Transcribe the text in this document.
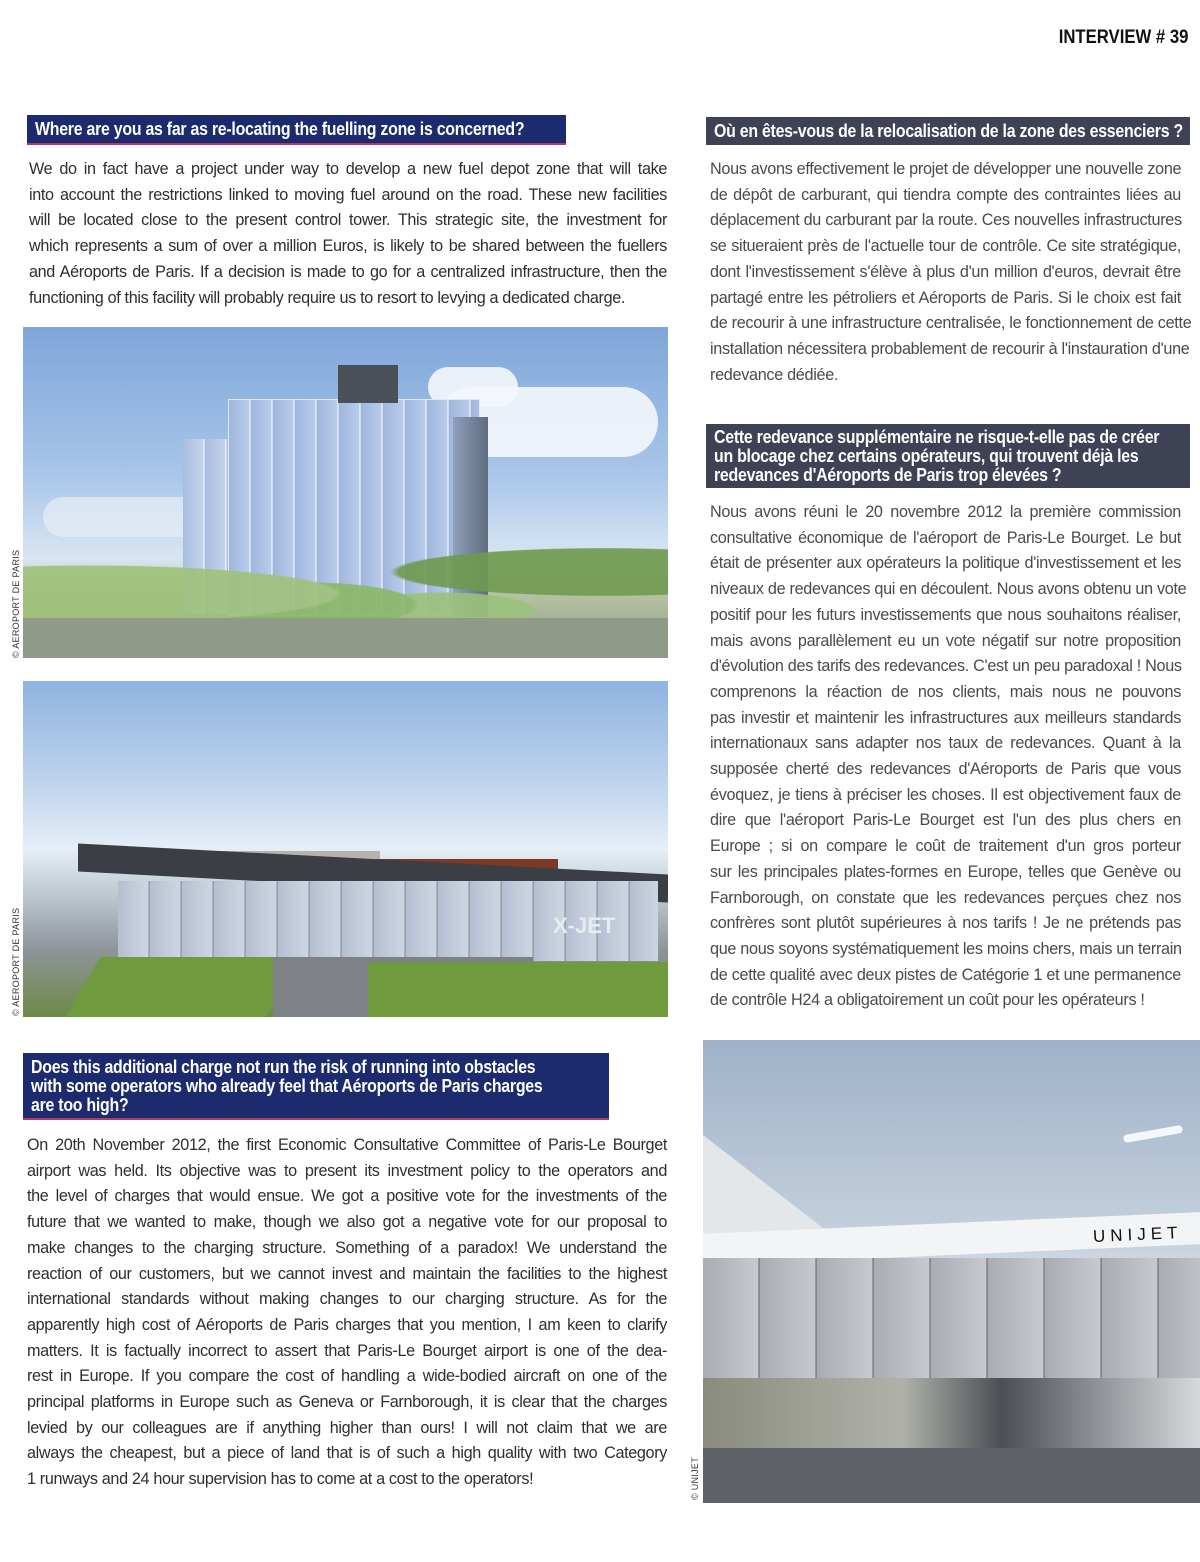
INTERVIEW # 39
Where are you as far as re-locating the fuelling zone is concerned?
We do in fact have a project under way to develop a new fuel depot zone that will take
into account the restrictions linked to moving fuel around on the road. These new facilities
will be located close to the present control tower. This strategic site, the investment for
which represents a sum of over a million Euros, is likely to be shared between the fuellers
and Aéroports de Paris. If a decision is made to go for a centralized infrastructure, then the
functioning of this facility will probably require us to resort to levying a dedicated charge.
Où en êtes-vous de la relocalisation de la zone des essenciers ?
Nous avons effectivement le projet de développer une nouvelle zone
de dépôt de carburant, qui tiendra compte des contraintes liées au
déplacement du carburant par la route. Ces nouvelles infrastructures
se situeraient près de l'actuelle tour de contrôle. Ce site stratégique,
dont l'investissement s'élève à plus d'un million d'euros, devrait être
partagé entre les pétroliers et Aéroports de Paris. Si le choix est fait
de recourir à une infrastructure centralisée, le fonctionnement de cette
installation nécessitera probablement de recourir à l'instauration d'une
redevance dédiée.
Cette redevance supplémentaire ne risque-t-elle pas de créer
un blocage chez certains opérateurs, qui trouvent déjà les
redevances d'Aéroports de Paris trop élevées ?
Nous avons réuni le 20 novembre 2012 la première commission
consultative économique de l'aéroport de Paris-Le Bourget. Le but
était de présenter aux opérateurs la politique d'investissement et les
niveaux de redevances qui en découlent. Nous avons obtenu un vote
positif pour les futurs investissements que nous souhaitons réaliser,
mais avons parallèlement eu un vote négatif sur notre proposition
d'évolution des tarifs des redevances. C'est un peu paradoxal ! Nous
comprenons la réaction de nos clients, mais nous ne pouvons
pas investir et maintenir les infrastructures aux meilleurs standards
internationaux sans adapter nos taux de redevances. Quant à la
supposée cherté des redevances d'Aéroports de Paris que vous
évoquez, je tiens à préciser les choses. Il est objectivement faux de
dire que l'aéroport Paris-Le Bourget est l'un des plus chers en
Europe ; si on compare le coût de traitement d'un gros porteur
sur les principales plates-formes en Europe, telles que Genève ou
Farnborough, on constate que les redevances perçues chez nos
confrères sont plutôt supérieures à nos tarifs ! Je ne prétends pas
que nous soyons systématiquement les moins chers, mais un terrain
de cette qualité avec deux pistes de Catégorie 1 et une permanence
de contrôle H24 a obligatoirement un coût pour les opérateurs !
© AEROPORT DE PARIS
X-JET
© AEROPORT DE PARIS
Does this additional charge not run the risk of running into obstacles
with some operators who already feel that Aéroports de Paris charges
are too high?
On 20th November 2012, the first Economic Consultative Committee of Paris-Le Bourget
airport was held. Its objective was to present its investment policy to the operators and
the level of charges that would ensue. We got a positive vote for the investments of the
future that we wanted to make, though we also got a negative vote for our proposal to
make changes to the charging structure. Something of a paradox! We understand the
reaction of our customers, but we cannot invest and maintain the facilities to the highest
international standards without making changes to our charging structure. As for the
apparently high cost of Aéroports de Paris charges that you mention, I am keen to clarify
matters. It is factually incorrect to assert that Paris-Le Bourget airport is one of the dea-
rest in Europe. If you compare the cost of handling a wide-bodied aircraft on one of the
principal platforms in Europe such as Geneva or Farnborough, it is clear that the charges
levied by our colleagues are if anything higher than ours! I will not claim that we are
always the cheapest, but a piece of land that is of such a high quality with two Category
1 runways and 24 hour supervision has to come at a cost to the operators!
UNIJET
© UNIJET
